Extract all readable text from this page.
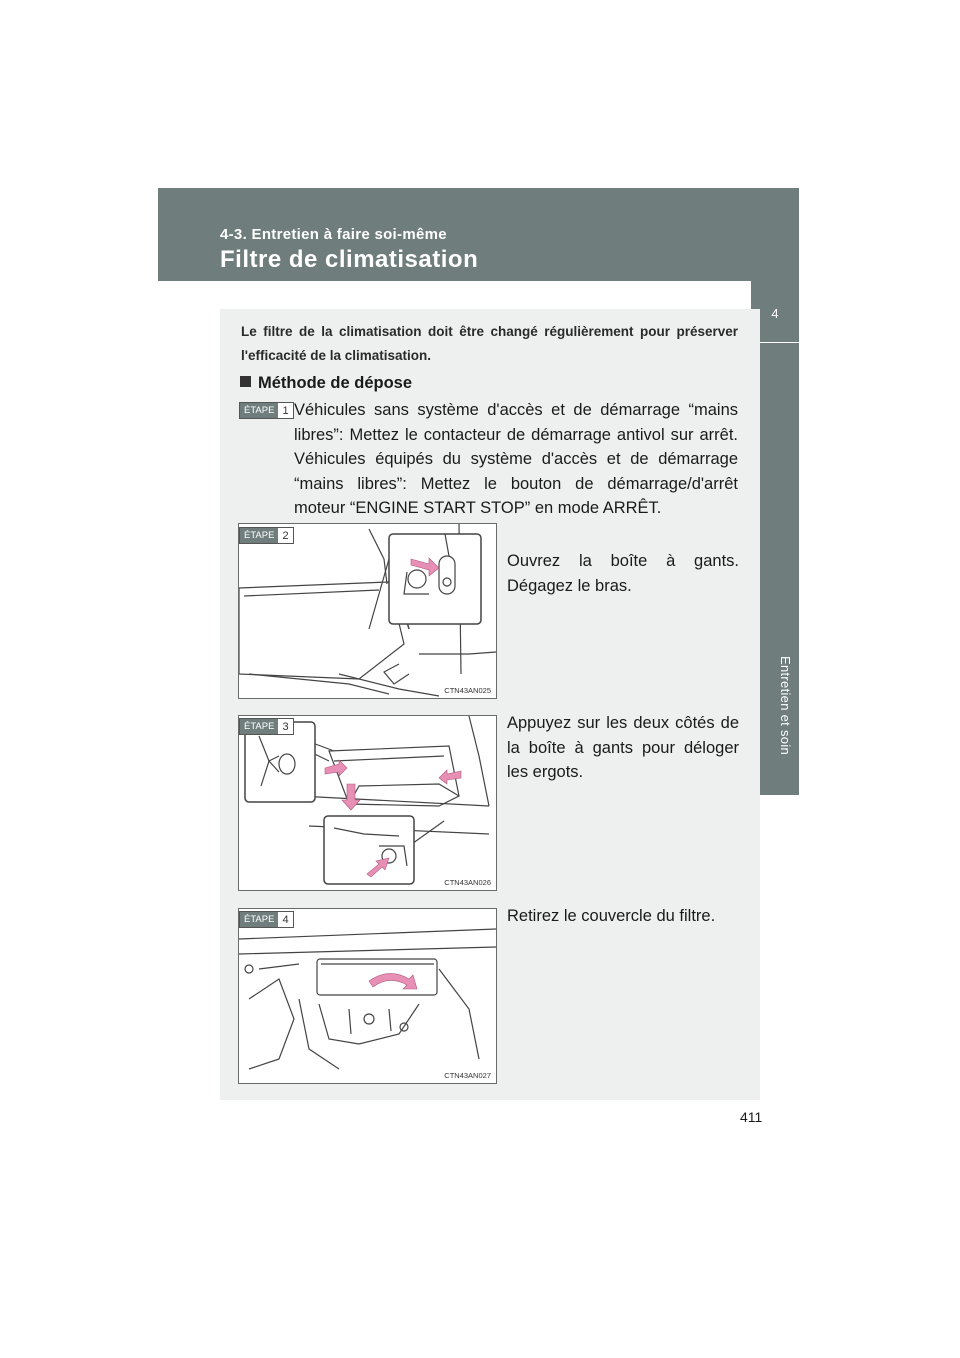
4-3. Entretien à faire soi-même
Filtre de climatisation
4
Entretien et soin
Le filtre de la climatisation doit être changé régulièrement pour préserver l'efficacité de la climatisation.
Méthode de dépose
ÉTAPE 1 Véhicules sans système d'accès et de démarrage “mains libres”: Mettez le contacteur de démarrage antivol sur arrêt. Véhicules équipés du système d'accès et de démarrage “mains libres”: Mettez le bouton de démarrage/d'arrêt moteur “ENGINE START STOP” en mode ARRÊT.
CTN43AN025
ÉTAPE 2
Ouvrez la boîte à gants. Dégagez le bras.
CTN43AN026
ÉTAPE 3	Appuyez sur les deux côtés de la boîte à gants pour déloger les ergots.
CTN43AN027
ÉTAPE 4	Retirez le couvercle du filtre.
411
